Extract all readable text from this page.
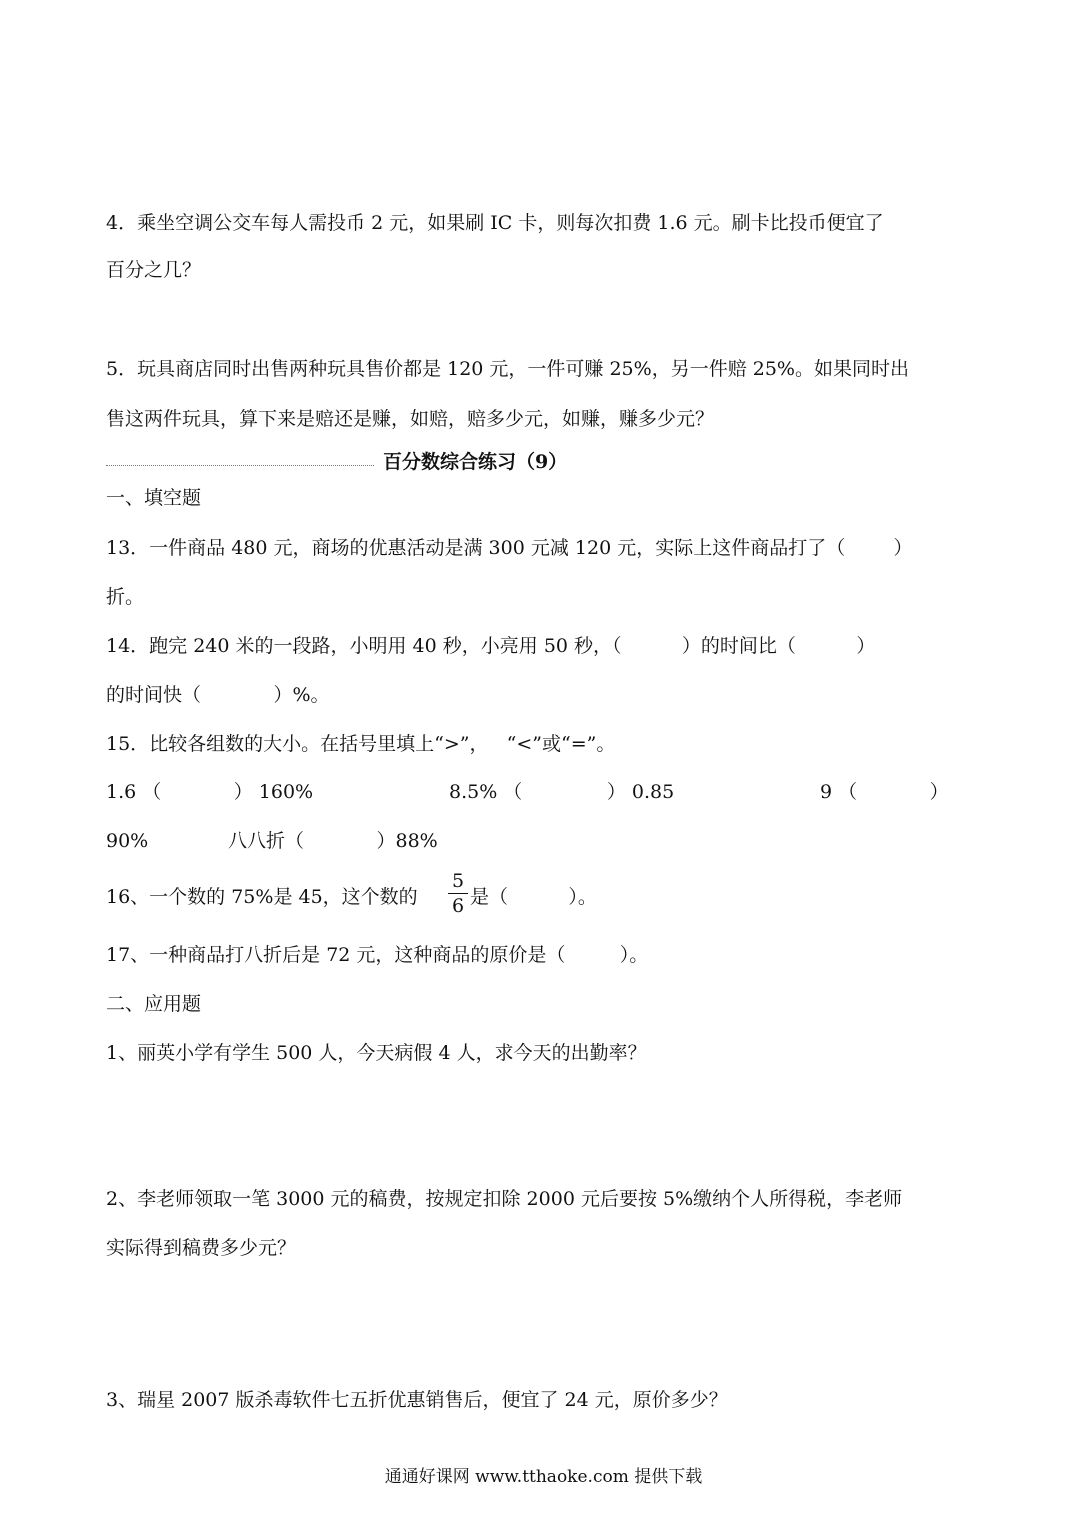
4．乘坐空调公交车每人需投币 2 元，如果刷 IC 卡，则每次扣费 1.6 元。刷卡比投币便宜了
百分之几？
5．玩具商店同时出售两种玩具售价都是 120 元，一件可赚 25%，另一件赔 25%。如果同时出
售这两件玩具，算下来是赔还是赚，如赔，赔多少元，如赚，赚多少元？
百分数综合练习（9）
一、填空题
13．一件商品 480 元，商场的优惠活动是满 300 元减 120 元，实际上这件商品打了（        ）
折。
14．跑完 240 米的一段路，小明用 40 秒，小亮用 50 秒，（          ）的时间比（          ）
的时间快（            ）%。
15．比较各组数的大小。在括号里填上“>”，   “<”或“=”。
1.6 （            ） 160%	8.5% （              ） 0.85	9 （            ）
90%	八八折（            ）88%
16、一个数的 75%是 45，这个数的
5
6 是（          ）。
17、一种商品打八折后是 72 元，这种商品的原价是（         ）。
二、应用题
1、丽英小学有学生 500 人，今天病假 4 人，求今天的出勤率？
2、李老师领取一笔 3000 元的稿费，按规定扣除 2000 元后要按 5%缴纳个人所得税，李老师
实际得到稿费多少元？
3、瑞星 2007 版杀毒软件七五折优惠销售后，便宜了 24 元，原价多少？
通通好课网 www.tthaoke.com 提供下载
